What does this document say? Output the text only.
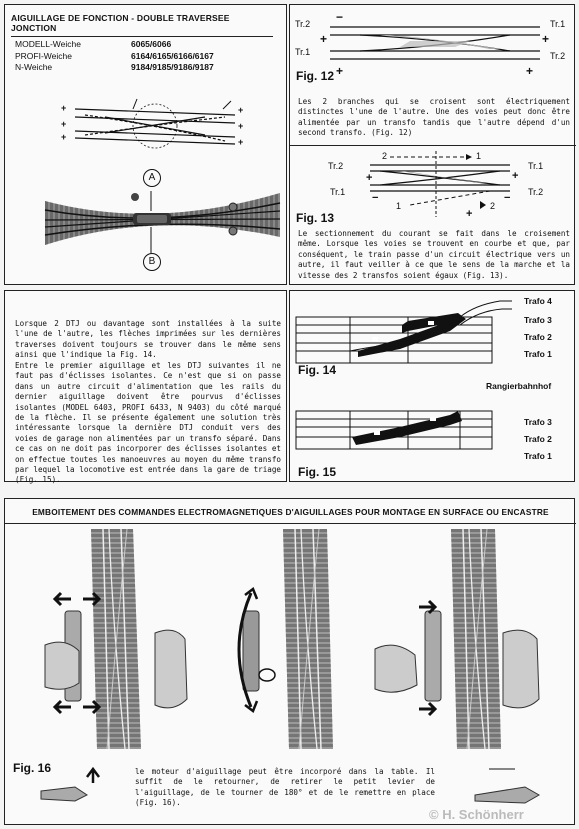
AIGUILLAGE DE FONCTION - DOUBLE TRAVERSEE JONCTION
MODELL-Weiche	6065/6066
PROFI-Weiche	6164/6165/6166/6167
N-Weiche	9184/9185/9186/9187
+
+
+
+
+
+
A
B
+	+
+	+
−
Tr.2	Tr.1
Tr.1	Tr.2
Fig. 12
Les 2 branches qui se croisent sont électriquement distinctes l'une de l'autre. Une des voies peut donc être alimentée par un transfo tandis que l'autre dépend d'un second transfo. (Fig. 12)
+	+
−	−
+
2	1
1	2
Tr.2
Tr.1
Tr.1
Tr.2
Fig. 13
Le sectionnement du courant se fait dans le croisement même. Lorsque les voies se trouvent en courbe et que, par conséquent, le train passe d'un circuit électrique vers un autre, il faut veiller à ce que le sens de la marche et la vitesse des 2 transfos soient égaux (Fig. 13).
Lorsque 2 DTJ ou davantage sont installées à la suite l'une de l'autre, les flèches imprimées sur les dernières traverses doivent toujours se trouver dans le même sens ainsi que l'indique la Fig. 14.
Entre le premier aiguillage et les DTJ suivantes il ne faut pas d'éclisses isolantes. Ce n'est que si on passe dans un autre circuit d'alimentation que les rails du dernier aiguillage doivent être pourvus d'éclisses isolantes (MODEL 6403, PROFI 6433, N 9403) du côté marqué de la flèche. Il se présente également une solution très intéressante lorsque la dernière DTJ conduit vers des voies de garage non alimentées par un transfo séparé. Dans ce cas on ne doit pas incorporer des éclisses isolantes et on effectue toutes les manoeuvres au moyen du même transfo par lequel la locomotive est entrée dans la gare de triage (Fig. 15).
Trafo 4
Trafo 3
Trafo 2
Trafo 1
Fig. 14
Rangierbahnhof
Trafo 3
Trafo 2
Trafo 1
Fig. 15
EMBOITEMENT DES COMMANDES ELECTROMAGNETIQUES D'AIGUILLAGES POUR MONTAGE EN SURFACE OU ENCASTRE
Fig. 16	le moteur d'aiguillage peut être incorporé dans la table. Il suffit de le retourner, de retirer le petit levier de l'aiguillage, de le tourner de 180° et de le remettre en place (Fig. 16).
© H. Schönherr
